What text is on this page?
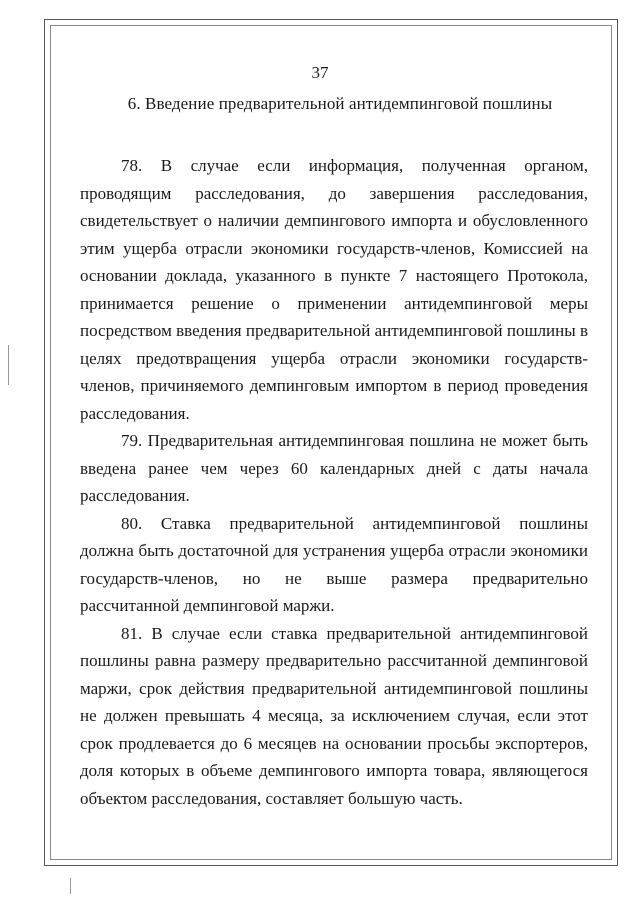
37
6. Введение предварительной антидемпинговой пошлины

78. В случае если информация, полученная органом, проводящим расследования, до завершения расследования, свидетельствует о наличии демпингового импорта и обусловленного этим ущерба отрасли экономики государств-членов, Комиссией на основании доклада, указанного в пункте 7 настоящего Протокола, принимается решение о применении антидемпинговой меры посредством введения предварительной антидемпинговой пошлины в целях предотвращения ущерба отрасли экономики государств-членов, причиняемого демпинговым импортом в период проведения расследования.

79. Предварительная антидемпинговая пошлина не может быть введена ранее чем через 60 календарных дней с даты начала расследования.

80. Ставка предварительной антидемпинговой пошлины должна быть достаточной для устранения ущерба отрасли экономики государств-членов, но не выше размера предварительно рассчитанной демпинговой маржи.

81. В случае если ставка предварительной антидемпинговой пошлины равна размеру предварительно рассчитанной демпинговой маржи, срок действия предварительной антидемпинговой пошлины не должен превышать 4 месяца, за исключением случая, если этот срок продлевается до 6 месяцев на основании просьбы экспортеров, доля которых в объеме демпингового импорта товара, являющегося объектом расследования, составляет большую часть.
